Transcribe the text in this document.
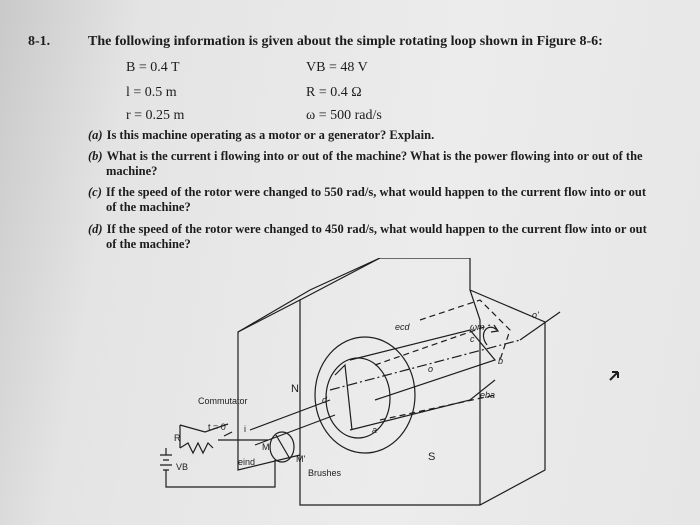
8-1.	The following information is given about the simple rotating loop shown in Figure 8-6:
B = 0.4 T	VB = 48 V
l = 0.5 m	R = 0.4 Ω
r = 0.25 m	ω = 500 rad/s
(a) Is this machine operating as a motor or a generator? Explain.
(b) What is the current i flowing into or out of the machine? What is the power flowing into or out of the
machine?
(c) If the speed of the rotor were changed to 550 rad/s, what would happen to the current flow into or out
of the machine?
(d) If the speed of the rotor were changed to 450 rad/s, what would happen to the current flow into or out
of the machine?
Commutator
t = 0
R
VB
i
eind
M
M'
Brushes
N
S
d
a
c
b
ecd
eba
ωm
o
o'
